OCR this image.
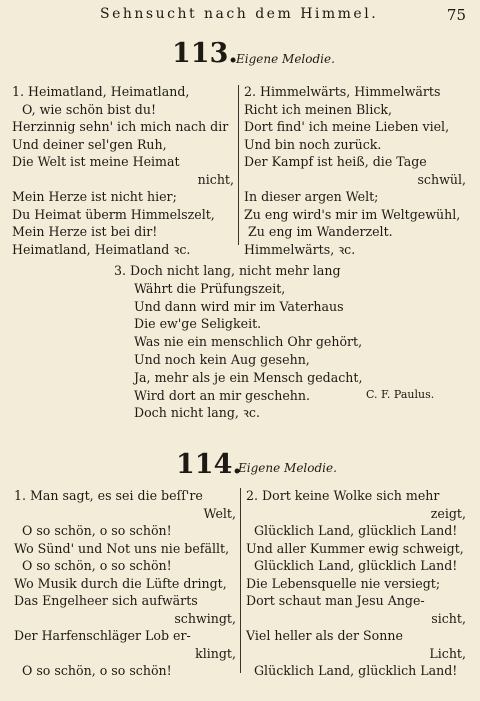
Sehnsucht nach dem Himmel.	75
113.
Eigene Melodie.
1. Heimatland, Heimatland,
O, wie schön bist du!
Herzinnig sehn' ich mich nach dir
Und deiner sel'gen Ruh,
Die Welt ist meine Heimat
nicht,
Mein Herze ist nicht hier;
Du Heimat überm Himmelszelt,
Mein Herze ist bei dir!
Heimatland, Heimatland ꝛc.
2. Himmelwärts, Himmelwärts
Richt ich meinen Blick,
Dort find' ich meine Lieben viel,
Und bin noch zurück.
Der Kampf ist heiß, die Tage
schwül,
In dieser argen Welt;
Zu eng wird's mir im Weltgewühl,
Zu eng im Wanderzelt.
Himmelwärts, ꝛc.
3. Doch nicht lang, nicht mehr lang
Währt die Prüfungszeit,
Und dann wird mir im Vaterhaus
Die ew'ge Seligkeit.
Was nie ein menschlich Ohr gehört,
Und noch kein Aug gesehn,
Ja, mehr als je ein Mensch gedacht,
Wird dort an mir geschehn.
Doch nicht lang, ꝛc.
C. F. Paulus.
114.
Eigene Melodie.
1. Man sagt, es sei die beſſ're
Welt,
O so schön, o so schön!
Wo Sünd' und Not uns nie befällt,
O so schön, o so schön!
Wo Musik durch die Lüfte dringt,
Das Engelheer sich aufwärts
schwingt,
Der Harfenschläger Lob er-
klingt,
O so schön, o so schön!
2. Dort keine Wolke sich mehr
zeigt,
Glücklich Land, glücklich Land!
Und aller Kummer ewig schweigt,
Glücklich Land, glücklich Land!
Die Lebensquelle nie versiegt;
Dort schaut man Jesu Ange-
sicht,
Viel heller als der Sonne
Licht,
Glücklich Land, glücklich Land!
